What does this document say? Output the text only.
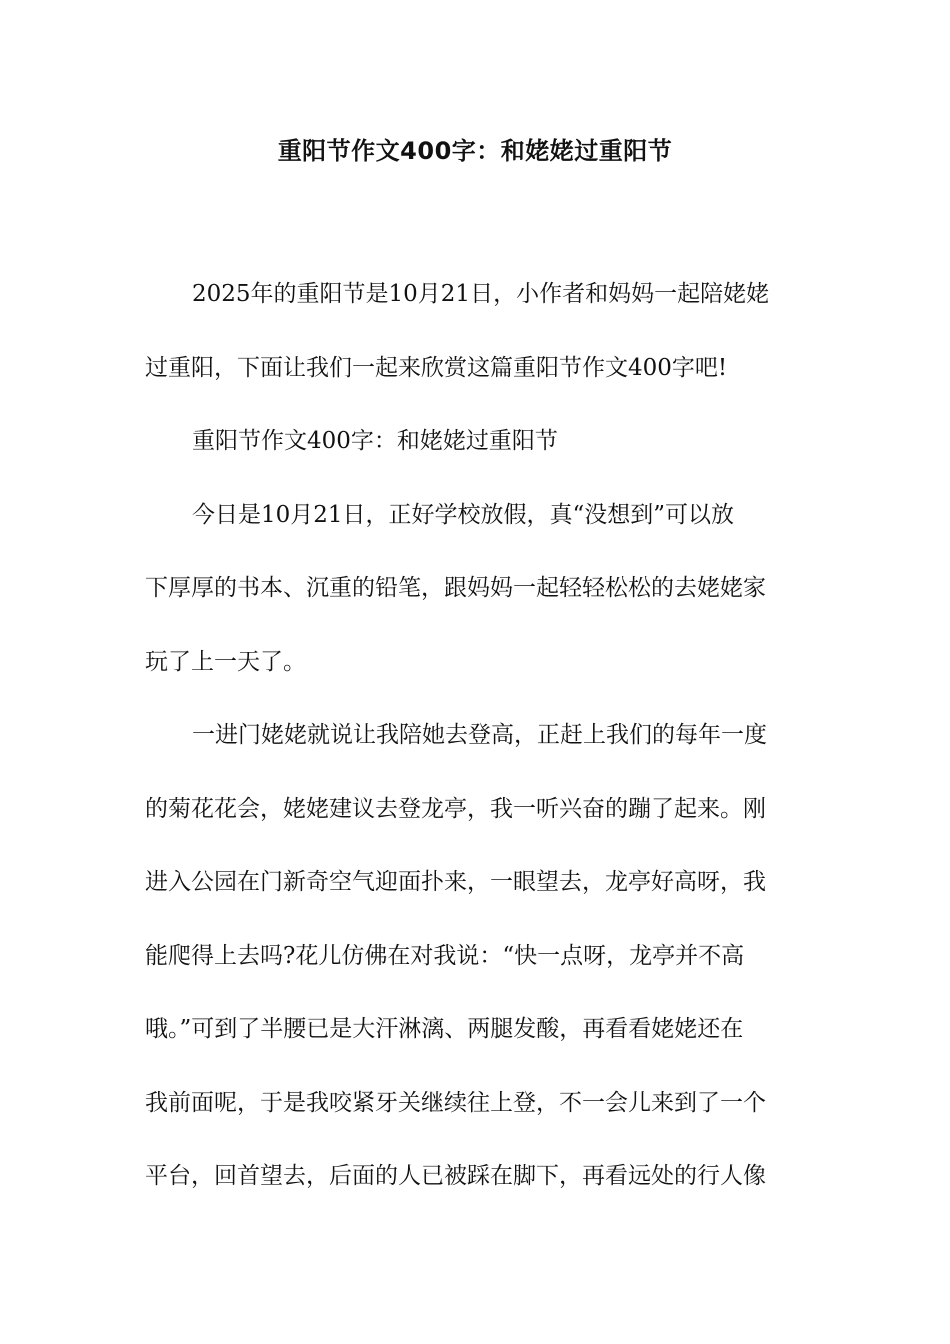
重阳节作文400字：和姥姥过重阳节
2025年的重阳节是10月21日，小作者和妈妈一起陪姥姥
过重阳，下面让我们一起来欣赏这篇重阳节作文400字吧!
重阳节作文400字：和姥姥过重阳节
今日是10月21日，正好学校放假，真“没想到”可以放
下厚厚的书本、沉重的铅笔，跟妈妈一起轻轻松松的去姥姥家
玩了上一天了。
一进门姥姥就说让我陪她去登高，正赶上我们的每年一度
的菊花花会，姥姥建议去登龙亭，我一听兴奋的蹦了起来。刚
进入公园在门新奇空气迎面扑来，一眼望去，龙亭好高呀，我
能爬得上去吗?花儿仿佛在对我说：“快一点呀，龙亭并不高
哦。”可到了半腰已是大汗淋漓、两腿发酸，再看看姥姥还在
我前面呢，于是我咬紧牙关继续往上登，不一会儿来到了一个
平台，回首望去，后面的人已被踩在脚下，再看远处的行人像
